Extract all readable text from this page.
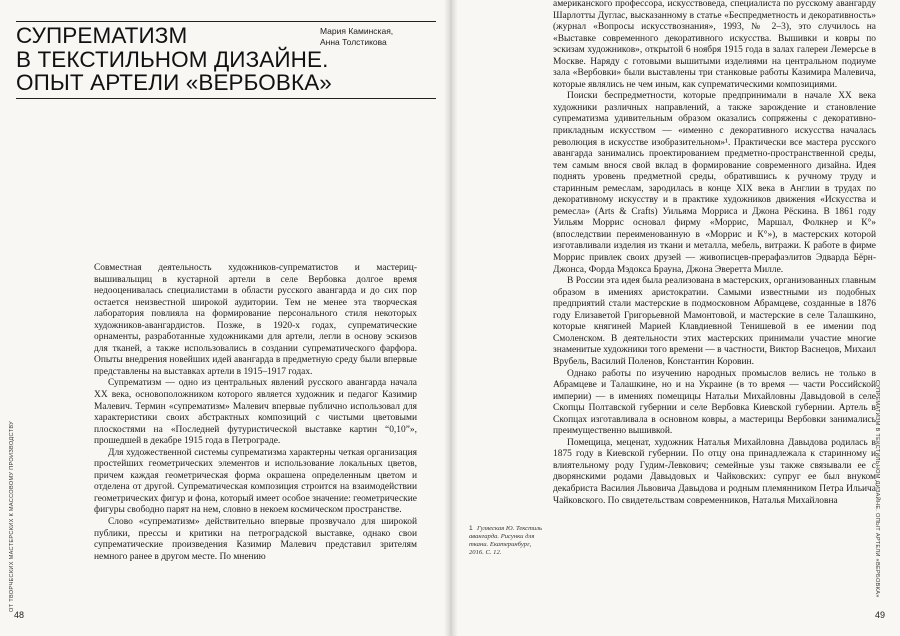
СУПРЕМАТИЗМ
В ТЕКСТИЛЬНОМ ДИЗАЙНЕ.
ОПЫТ АРТЕЛИ «ВЕРБОВКА»
Мария Каминская,
Анна Толстикова

Совместная деятельность художников-супрематистов и мастериц-вышивальщиц в кустарной артели в селе Вербовка долгое время недооценивалась специалистами в области русского авангарда и до сих пор остается неизвестной широкой аудитории. Тем не менее эта творческая лаборатория повлияла на формирование персонального стиля некоторых художников-авангардистов. Позже, в 1920-х годах, супрематические орнаменты, разработанные художниками для артели, легли в основу эскизов для тканей, а также использовались в создании супрематического фарфора. Опыты внедрения новейших идей авангарда в предметную среду были впервые представлены на выставках артели в 1915–1917 годах.

Супрематизм — одно из центральных явлений русского авангарда начала XX века, основоположником которого является художник и педагог Казимир Малевич. Термин «супрематизм» Малевич впервые публично использовал для характеристики своих абстрактных композиций с чистыми цветовыми плоскостями на «Последней футуристической выставке картин “0,10”», прошедшей в декабре 1915 года в Петрограде.

Для художественной системы супрематизма характерны четкая организация простейших геометрических элементов и использование локальных цветов, причем каждая геометрическая форма окрашена определенным цветом и отделена от другой. Супрематическая композиция строится на взаимодействии геометрических фигур и фона, который имеет особое значение: геометрические фигуры свободно парят на нем, словно в некоем космическом пространстве.

Слово «супрематизм» действительно впервые прозвучало для широкой публики, прессы и критики на петроградской выставке, однако свои супрематические произведения Казимир Малевич представил зрителям немного ранее в другом месте. По мнению

ОТ ТВОРЧЕСКИХ МАСТЕРСКИХ К МАССОВОМУ ПРОИЗВОДСТВУ
48

американского профессора, искусствоведа, специалиста по русскому авангарду Шарлотты Дуглас, высказанному в статье «Беспредметность и декоративность» (журнал «Вопросы искусствознания», 1993, № 2–3), это случилось на «Выставке современного декоративного искусства. Вышивки и ковры по эскизам художников», открытой 6 ноября 1915 года в залах галереи Лемерсье в Москве. Наряду с готовыми вышитыми изделиями на центральном подиуме зала «Вербовки» были выставлены три станковые работы Казимира Малевича, которые являлись не чем иным, как супрематическими композициями.

Поиски беспредметности, которые предпринимали в начале XX века художники различных направлений, а также зарождение и становление супрематизма удивительным образом оказались сопряжены с декоративно-прикладным искусством — «именно с декоративного искусства началась революция в искусстве изобразительном»¹. Практически все мастера русского авангарда занимались проектированием предметно-пространственной среды, тем самым внося свой вклад в формирование современного дизайна. Идея поднять уровень предметной среды, обратившись к ручному труду и старинным ремеслам, зародилась в конце XIX века в Англии в трудах по декоративному искусству и в практике художников движения «Искусства и ремесла» (Arts & Crafts) Уильяма Морриса и Джона Рёскина. В 1861 году Уильям Моррис основал фирму «Моррис, Маршал, Фолкнер и К°» (впоследствии переименованную в «Моррис и К°»), в мастерских которой изготавливали изделия из ткани и металла, мебель, витражи. К работе в фирме Моррис привлек своих друзей — живописцев-прерафаэлитов Эдварда Бёрн-Джонса, Форда Мэдокса Брауна, Джона Эверетта Милле.

В России эта идея была реализована в мастерских, организованных главным образом в имениях аристократии. Самыми известными из подобных предприятий стали мастерские в подмосковном Абрамцеве, созданные в 1876 году Елизаветой Григорьевной Мамонтовой, и мастерские в селе Талашкино, которые княгиней Марией Клавдиевной Тенишевой в ее имении под Смоленском. В деятельности этих мастерских принимали участие многие знаменитые художники того времени — в частности, Виктор Васнецов, Михаил Врубель, Василий Поленов, Константин Коровин.

Однако работы по изучению народных промыслов велись не только в Абрамцеве и Талашкине, но и на Украине (в то время — части Российской империи) — в имениях помещицы Натальи Михайловны Давыдовой в селе Скопцы Полтавской губернии и селе Вербовка Киевской губернии. Артель в Скопцах изготавливала в основном ковры, а мастерицы Вербовки занимались преимущественно вышивкой.

Помещица, меценат, художник Наталья Михайловна Давыдова родилась в 1875 году в Киевской губернии. По отцу она принадлежала к старинному и влиятельному роду Гудим-Левкович; семейные узы также связывали ее с дворянскими родами Давыдовых и Чайковских: супруг ее был внуком декабриста Василия Львовича Давыдова и родным племянником Петра Ильича Чайковского. По свидетельствам современников, Наталья Михайловна

1 Гуляеская Ю. Текстиль авангарда. Рисунки для ткани. Екатеринбург, 2016. С. 12.	СУПРЕМАТИЗМ В ТЕКСТИЛЬНОМ ДИЗАЙНЕ. ОПЫТ АРТЕЛИ «ВЕРБОВКА»
49
